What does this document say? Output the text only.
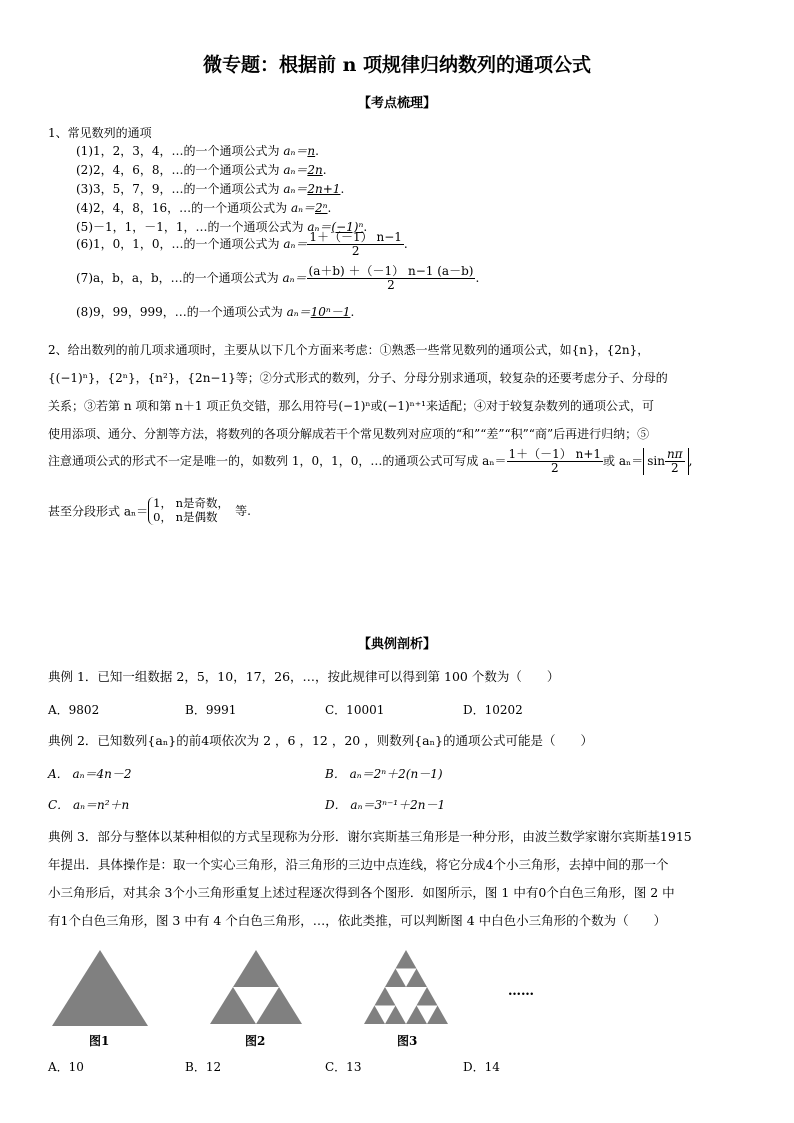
微专题：根据前 n 项规律归纳数列的通项公式
【考点梳理】
1、常见数列的通项
(1)1，2，3，4，…的一个通项公式为 aₙ＝n.
(2)2，4，6，8，…的一个通项公式为 aₙ＝2n.
(3)3，5，7，9，…的一个通项公式为 aₙ＝2n+1.
(4)2，4，8，16，…的一个通项公式为 aₙ＝2ⁿ.
(5)－1，1，－1，1，…的一个通项公式为 aₙ＝(−1)ⁿ.
(6)1，0，1，0，…的一个通项公式为 $a_n= \frac{1+(-1) n-1}{2}$ .
(7)a，b，a，b，…的一个通项公式为 $a_n= \frac{(a+b) +(-1) n-1 (a-b)}{2}$ .
(8)9，99，999，…的一个通项公式为 aₙ＝10ⁿ－1.
2、给出数列的前几项求通项时，主要从以下几个方面来考虑：①熟悉一些常见数列的通项公式，如{n}，{2n}，
{(−1)ⁿ}，{2ⁿ}，{n²}，{2n−1}等；②分式形式的数列，分子、分母分别求通项，较复杂的还要考虑分子、分母的
关系；③若第 n 项和第 n＋1 项正负交错，那么用符号(−1)ⁿ或(−1)ⁿ⁺¹来适配；④对于较复杂数列的通项公式，可
使用添项、通分、分割等方法，将数列的各项分解成若干个常见数列对应项的“和”“差”“积”“商”后再进行归纳；⑤
注意通项公式的形式不一定是唯一的，如数列 1，0，1，0，…的通项公式可写成 $a_n= \frac{1+(-1) n+1}{2}$ 或 $a_n= \sin \frac{n\pi}{2}$ ,
甚至分段形式 aₙ＝
1， n是奇数，
0， n是偶数	等.
【典例剖析】
典例 1．已知一组数据 2，5，10，17，26，…，按此规律可以得到第 100 个数为（　　）
A．9802	B．9991	C．10001	D．10202
典例 2．已知数列{aₙ}的前4项依次为 2 ，6 ，12 ，20 ，则数列{aₙ}的通项公式可能是（　　）
A． aₙ＝4n－2	B． aₙ＝2ⁿ＋2(n－1)
C． aₙ＝n²＋n	D． aₙ＝3ⁿ⁻¹＋2n－1
典例 3．部分与整体以某种相似的方式呈现称为分形．谢尔宾斯基三角形是一种分形，由波兰数学家谢尔宾斯基1915
年提出．具体操作是：取一个实心三角形，沿三角形的三边中点连线，将它分成4个小三角形，去掉中间的那一个
小三角形后，对其余 3个小三角形重复上述过程逐次得到各个图形．如图所示，图 1 中有0个白色三角形，图 2 中
有1个白色三角形，图 3 中有 4 个白色三角形，…，依此类推，可以判断图 4 中白色小三角形的个数为（　　）
……
图1	图2	图3
A．10	B．12	C．13	D．14
